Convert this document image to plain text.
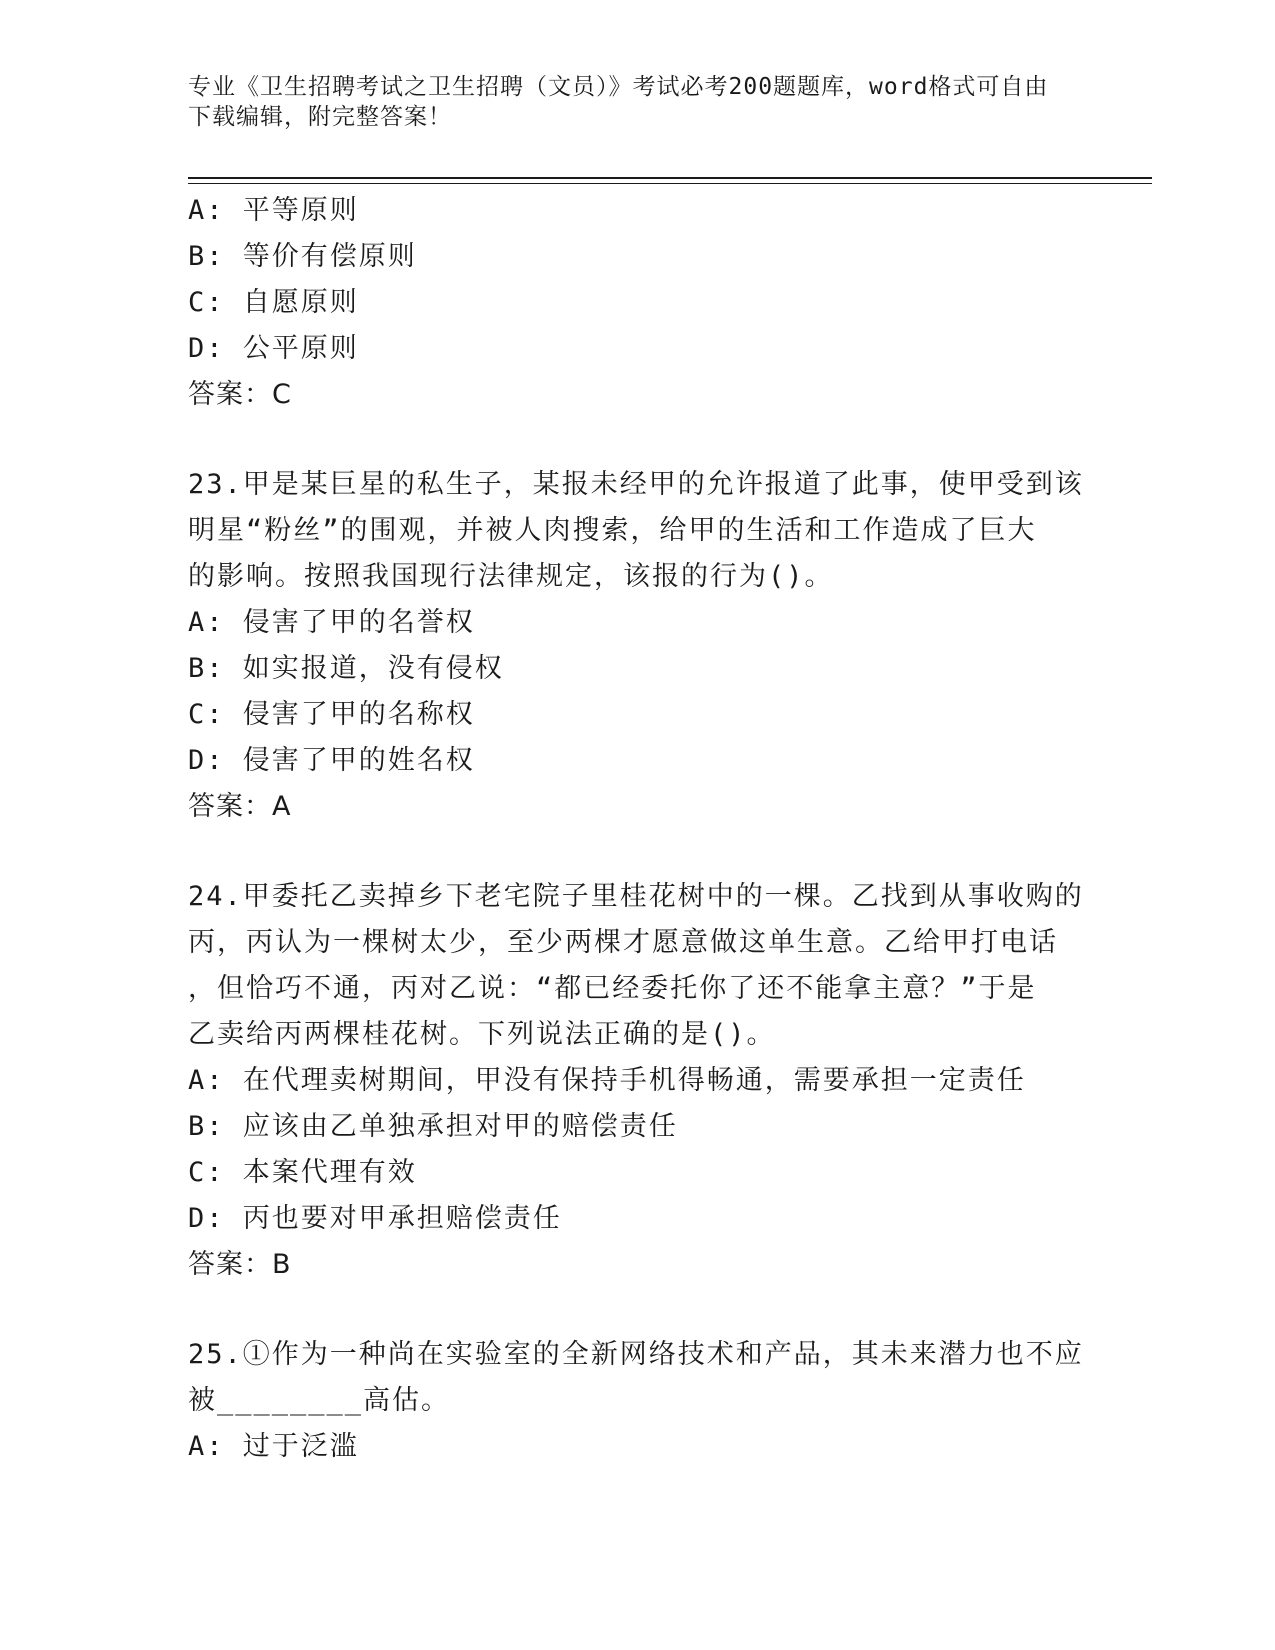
专业《卫生招聘考试之卫生招聘（文员）》考试必考200题题库，word格式可自由下载编辑，附完整答案！
A: 平等原则
B: 等价有偿原则
C: 自愿原则
D: 公平原则
答案：C
23.甲是某巨星的私生子，某报未经甲的允许报道了此事，使甲受到该
明星“粉丝”的围观，并被人肉搜索，给甲的生活和工作造成了巨大
的影响。按照我国现行法律规定，该报的行为()。
A: 侵害了甲的名誉权
B: 如实报道，没有侵权
C: 侵害了甲的名称权
D: 侵害了甲的姓名权
答案：A
24.甲委托乙卖掉乡下老宅院子里桂花树中的一棵。乙找到从事收购的
丙，丙认为一棵树太少，至少两棵才愿意做这单生意。乙给甲打电话
，但恰巧不通，丙对乙说：“都已经委托你了还不能拿主意？”于是
乙卖给丙两棵桂花树。下列说法正确的是()。
A: 在代理卖树期间，甲没有保持手机得畅通，需要承担一定责任
B: 应该由乙单独承担对甲的赔偿责任
C: 本案代理有效
D: 丙也要对甲承担赔偿责任
答案：B
25.①作为一种尚在实验室的全新网络技术和产品，其未来潜力也不应
被________高估。
A: 过于泛滥
